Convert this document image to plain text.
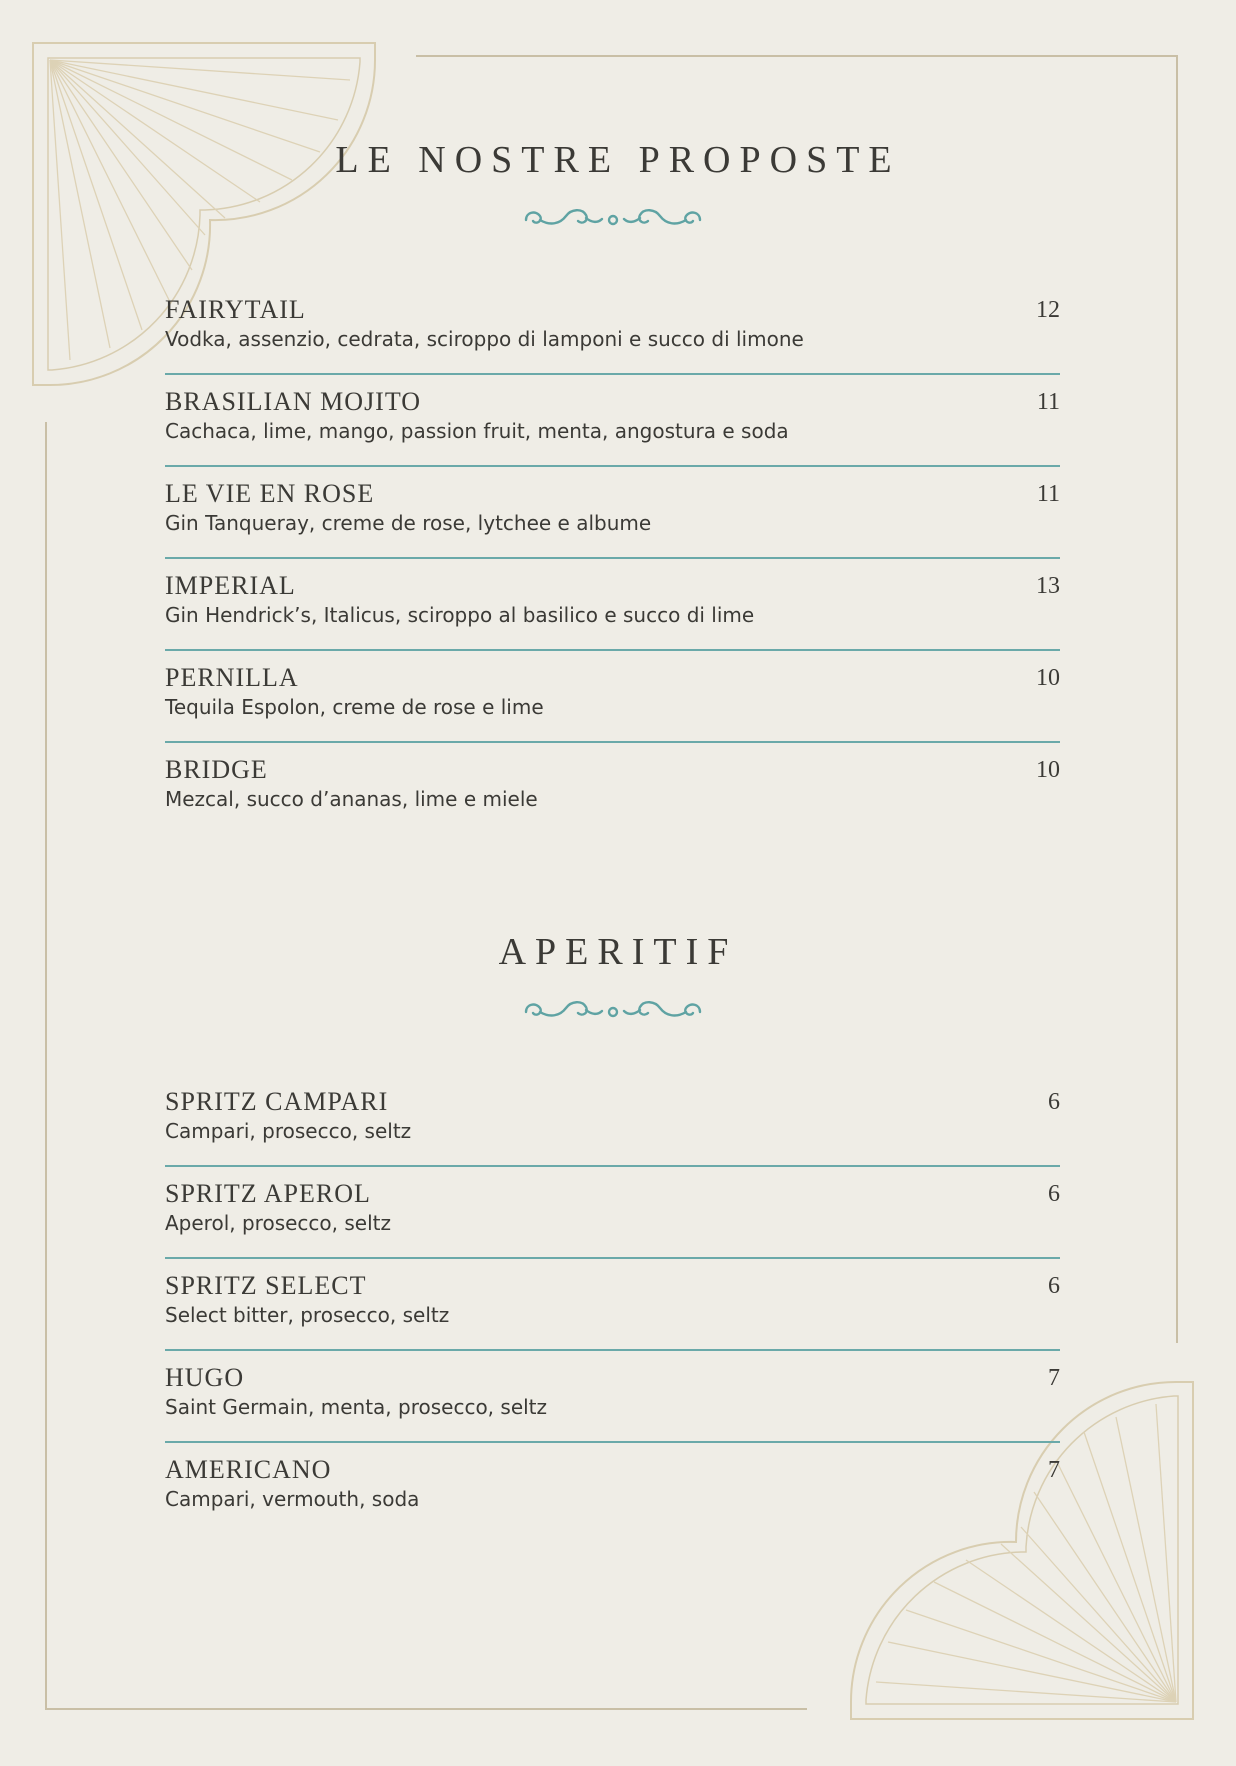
LE NOSTRE PROPOSTE
FAIRYTAIL
Vodka, assenzio, cedrata, sciroppo di lamponi e succo di limone
12
BRASILIAN MOJITO
Cachaca, lime, mango, passion fruit, menta, angostura e soda
11
LE VIE EN ROSE
Gin Tanqueray, creme de rose, lytchee e albume
11
IMPERIAL
Gin Hendrick’s, Italicus, sciroppo al basilico e succo di lime
13
PERNILLA
Tequila Espolon, creme de rose e lime
10
BRIDGE
Mezcal, succo d’ananas, lime e miele
10
APERITIF
SPRITZ CAMPARI
Campari, prosecco, seltz
6
SPRITZ APEROL
Aperol, prosecco, seltz
6
SPRITZ SELECT
Select bitter, prosecco, seltz
6
HUGO
Saint Germain, menta, prosecco, seltz
7
AMERICANO
Campari, vermouth, soda
7
